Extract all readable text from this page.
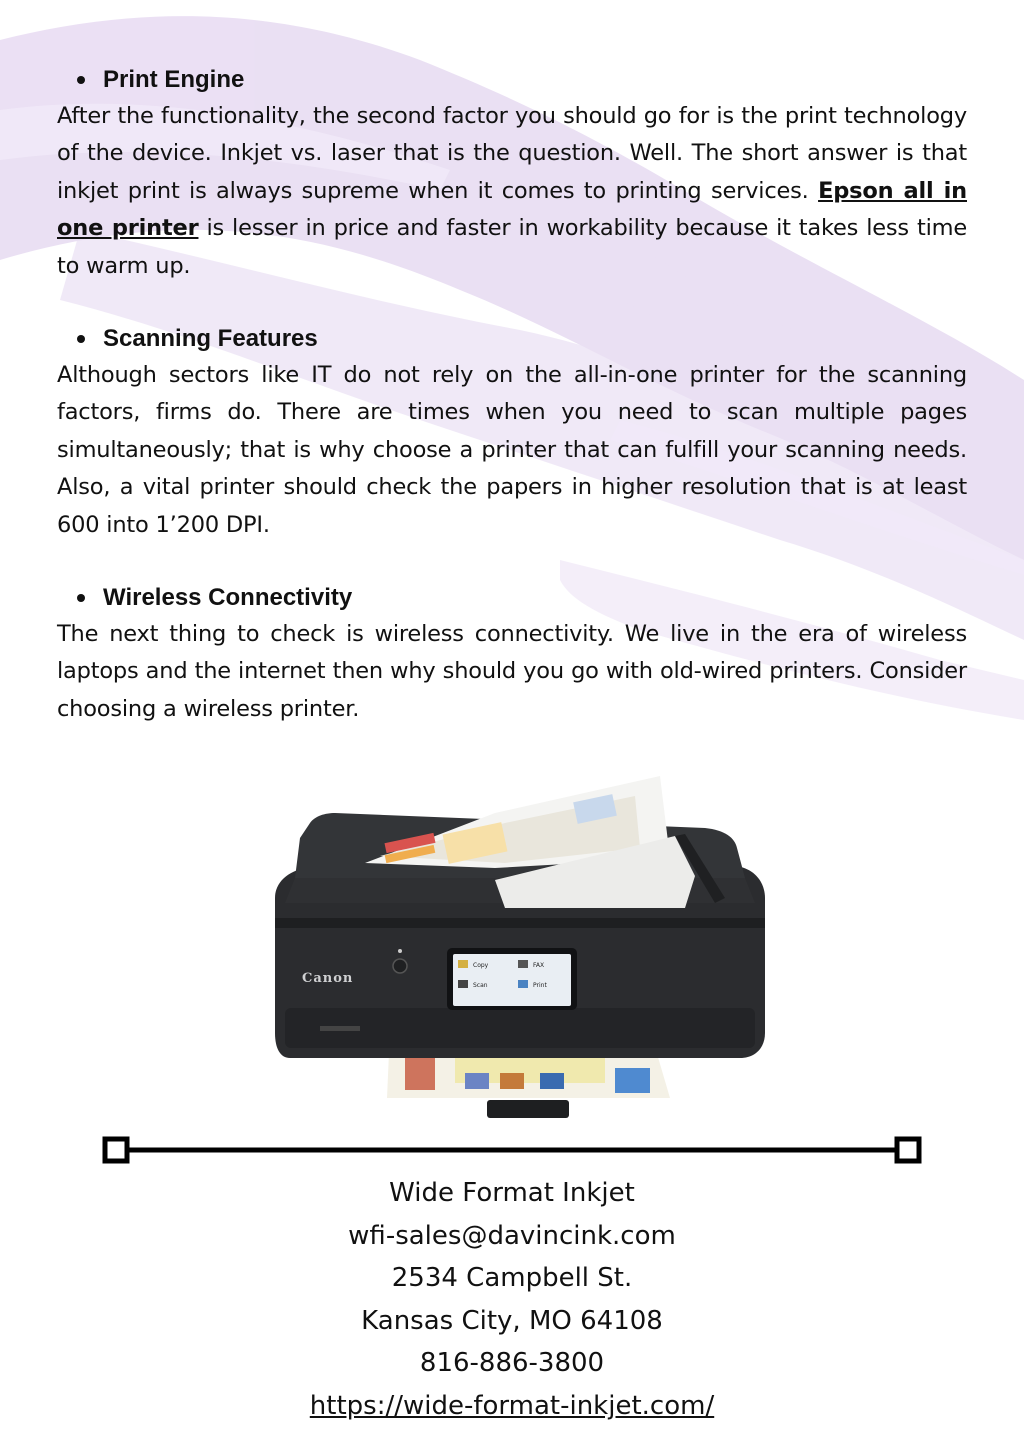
Print Engine

After the functionality, the second factor you should go for is the print technology of the device. Inkjet vs. laser that is the question. Well. The short answer is that inkjet print is always supreme when it comes to printing services. Epson all in one printer is lesser in price and faster in workability because it takes less time to warm up.

Scanning Features

Although sectors like IT do not rely on the all-in-one printer for the scanning factors, firms do. There are times when you need to scan multiple pages simultaneously; that is why choose a printer that can fulfill your scanning needs. Also, a vital printer should check the papers in higher resolution that is at least 600 into 1’200 DPI.

Wireless Connectivity

The next thing to check is wireless connectivity. We live in the era of wireless laptops and the internet then why should you go with old-wired printers. Consider choosing a wireless printer.

Copy	FAX
Scan	Print
Canon
Wide Format Inkjet
wfi-sales@davincink.com
2534 Campbell St.
Kansas City, MO 64108
816-886-3800
https://wide-format-inkjet.com/
